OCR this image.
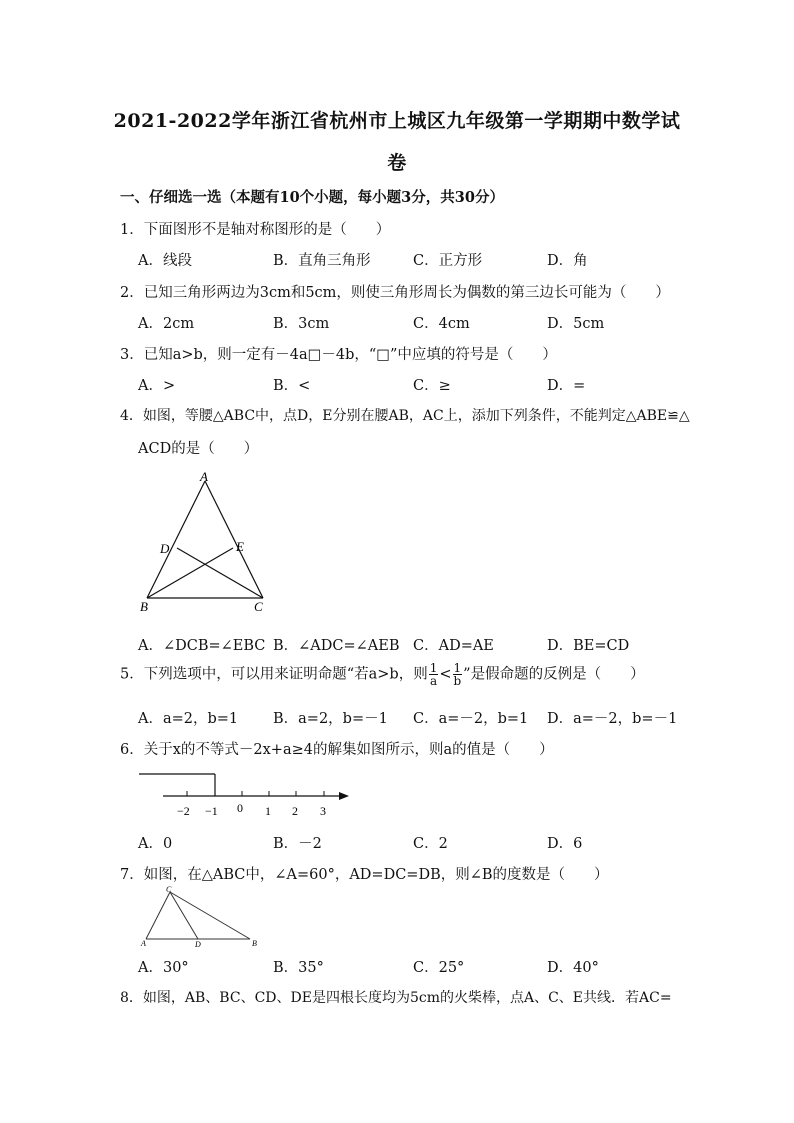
2021-2022学年浙江省杭州市上城区九年级第一学期期中数学试
卷
一、仔细选一选（本题有10个小题，每小题3分，共30分）
1．下面图形不是轴对称图形的是（　　）
A．线段	B．直角三角形	C．正方形	D．角
2．已知三角形两边为3cm和5cm，则使三角形周长为偶数的第三边长可能为（　　）
A．2cm	B．3cm	C．4cm	D．5cm
3．已知a>b，则一定有－4a□－4b，“□”中应填的符号是（　　）
A．>	B．<	C．≥	D．=
4．如图，等腰△ABC中，点D，E分别在腰AB，AC上，添加下列条件，不能判定△ABE≌△
ACD的是（　　）
A
D	E
B	C
A．∠DCB=∠EBC B．∠ADC=∠AEB C．AD=AE	D．BE=CD
5．下列选项中，可以用来证明命题“若a>b，则 $\frac{1}{a} < \frac{1}{b}$ ”是假命题的反例是（　　）
A．a=2，b=1 B．a=2，b=－1 C．a=－2，b=1 D．a=－2，b=－1
6．关于x的不等式－2x+a≥4的解集如图所示，则a的值是（　　）
−2 −1 0 1 2 3
A．0	B．－2	C．2	D．6
7．如图，在△ABC中，∠A=60°，AD=DC=DB，则∠B的度数是（　　）
C
A	D	B
A．30°	B．35°	C．25°	D．40°
8．如图，AB、BC、CD、DE是四根长度均为5cm的火柴棒，点A、C、E共线．若AC=
